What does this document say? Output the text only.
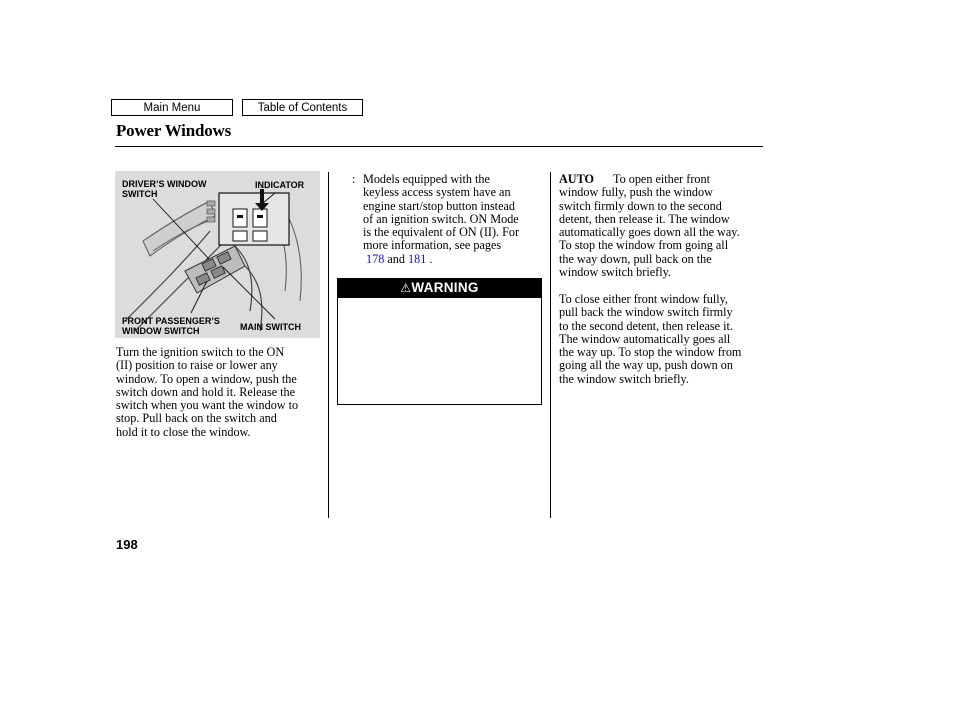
Main Menu	Table of Contents
Power Windows
DRIVER’S WINDOW
SWITCH
INDICATOR
FRONT PASSENGER’S
WINDOW SWITCH	MAIN SWITCH
Turn the ignition switch to the ON
(II) position to raise or lower any
window. To open a window, push the
switch down and hold it. Release the
switch when you want the window to
stop. Pull back on the switch and
hold it to close the window.
: Models equipped with the
keyless access system have an
engine start/stop button instead
of an ignition switch. ON Mode
is the equivalent of ON (II). For
more information, see pages
178 and 181 .
⚠WARNING
AUTO To open either front
window fully, push the window
switch firmly down to the second
detent, then release it. The window
automatically goes down all the way.
To stop the window from going all
the way down, pull back on the
window switch briefly.
To close either front window fully,
pull back the window switch firmly
to the second detent, then release it.
The window automatically goes all
the way up. To stop the window from
going all the way up, push down on
the window switch briefly.
198
